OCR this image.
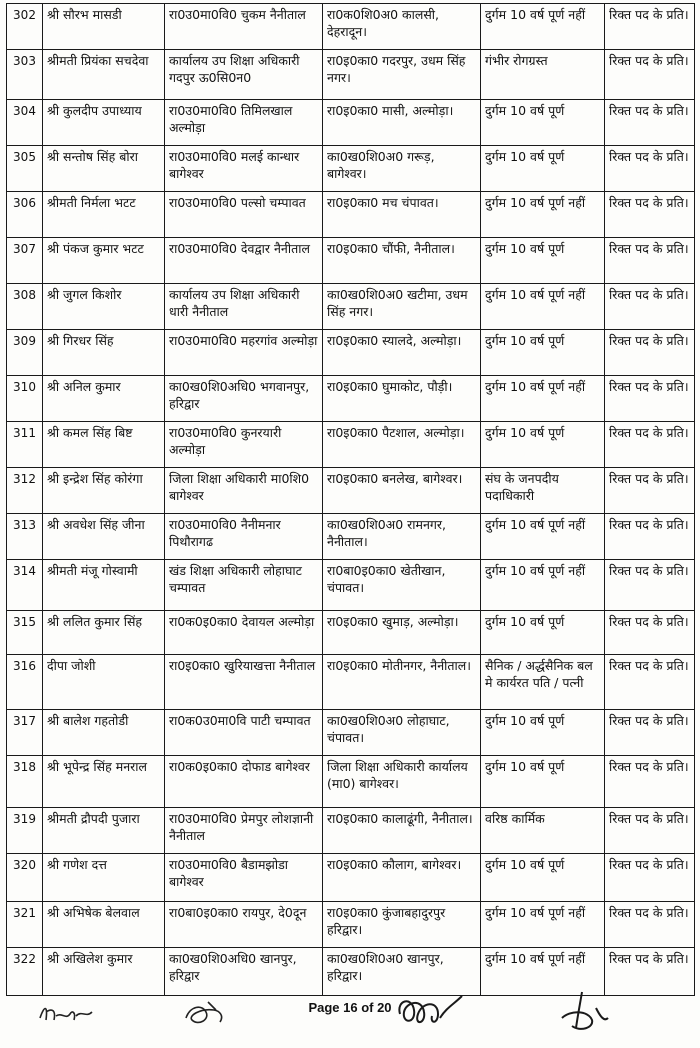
302	श्री सौरभ मासडी	रा0उ0मा0वि0 चुकम नैनीताल	रा0क0शि0अ0 कालसी, देहरादून।	दुर्गम 10 वर्ष पूर्ण नहीं	रिक्त पद के प्रति।
303	श्रीमती प्रियंका सचदेवा	कार्यालय उप शिक्षा अधिकारी गदपुर ऊ0सि0न0	रा0इ0का0 गदरपुर, उधम सिंह नगर।	गंभीर रोगग्रस्त	रिक्त पद के प्रति।
304	श्री कुलदीप उपाध्याय	रा0उ0मा0वि0 तिमिलखाल अल्मोड़ा	रा0इ0का0 मासी, अल्मोड़ा।	दुर्गम 10 वर्ष पूर्ण	रिक्त पद के प्रति।
305	श्री सन्तोष सिंह बोरा	रा0उ0मा0वि0 मलई कान्धार बागेश्वर	का0ख0शि0अ0 गरूड़, बागेश्वर।	दुर्गम 10 वर्ष पूर्ण	रिक्त पद के प्रति।
306	श्रीमती निर्मला भटट	रा0उ0मा0वि0 पल्सो चम्पावत	रा0इ0का0 मच चंपावत।	दुर्गम 10 वर्ष पूर्ण नहीं	रिक्त पद के प्रति।
307	श्री पंकज कुमार भटट	रा0उ0मा0वि0 देवद्वार नैनीताल	रा0इ0का0 चौंफी, नैनीताल।	दुर्गम 10 वर्ष पूर्ण	रिक्त पद के प्रति।
308	श्री जुगल किशोर	कार्यालय उप शिक्षा अधिकारी धारी नैनीताल	का0ख0शि0अ0 खटीमा, उधम सिंह नगर।	दुर्गम 10 वर्ष पूर्ण नहीं	रिक्त पद के प्रति।
309	श्री गिरधर सिंह	रा0उ0मा0वि0 महरगांव अल्मोड़ा	रा0इ0का0 स्यालदे, अल्मोड़ा।	दुर्गम 10 वर्ष पूर्ण	रिक्त पद के प्रति।
310	श्री अनिल कुमार	का0ख0शि0अधि0 भगवानपुर, हरिद्वार	रा0इ0का0 घुमाकोट, पौड़ी।	दुर्गम 10 वर्ष पूर्ण नहीं	रिक्त पद के प्रति।
311	श्री कमल सिंह बिष्ट	रा0उ0मा0वि0 कुनरयारी अल्मोड़ा	रा0इ0का0 पैटशाल, अल्मोड़ा।	दुर्गम 10 वर्ष पूर्ण	रिक्त पद के प्रति।
312	श्री इन्द्रेश सिंह कोरंगा	जिला शिक्षा अधिकारी मा0शि0 बागेश्वर	रा0इ0का0 बनलेख, बागेश्वर।	संघ के जनपदीय पदाधिकारी	रिक्त पद के प्रति।
313	श्री अवधेश सिंह जीना	रा0उ0मा0वि0 नैनीमनार पिथौरागढ	का0ख0शि0अ0 रामनगर, नैनीताल।	दुर्गम 10 वर्ष पूर्ण नहीं	रिक्त पद के प्रति।
314	श्रीमती मंजू गोस्वामी	खंड शिक्षा अधिकारी लोहाघाट चम्पावत	रा0बा0इ0का0 खेतीखान, चंपावत।	दुर्गम 10 वर्ष पूर्ण नहीं	रिक्त पद के प्रति।
315	श्री ललित कुमार सिंह	रा0क0इ0का0 देवायल अल्मोड़ा	रा0इ0का0 खुमाड़, अल्मोड़ा।	दुर्गम 10 वर्ष पूर्ण	रिक्त पद के प्रति।
316	दीपा जोशी	रा0इ0का0 खुरियाखत्ता नैनीताल	रा0इ0का0 मोतीनगर, नैनीताल।	सैनिक / अर्द्धसैनिक बल मे कार्यरत पति / पत्नी	रिक्त पद के प्रति।
317	श्री बालेश गहतोडी	रा0क0उ0मा0वि पाटी चम्पावत	का0ख0शि0अ0 लोहाघाट, चंपावत।	दुर्गम 10 वर्ष पूर्ण	रिक्त पद के प्रति।
318	श्री भूपेन्द्र सिंह मनराल	रा0क0इ0का0 दोफाड बागेश्वर	जिला शिक्षा अधिकारी कार्यालय (मा0) बागेश्वर।	दुर्गम 10 वर्ष पूर्ण	रिक्त पद के प्रति।
319	श्रीमती द्रौपदी पुजारा	रा0उ0मा0वि0 प्रेमपुर लोशज्ञानी नैनीताल	रा0इ0का0 कालाढूंगी, नैनीताल।	वरिष्ठ कार्मिक	रिक्त पद के प्रति।
320	श्री गणेश दत्त	रा0उ0मा0वि0 बैडामझोडा बागेश्वर	रा0इ0का0 कौलाग, बागेश्वर।	दुर्गम 10 वर्ष पूर्ण	रिक्त पद के प्रति।
321	श्री अभिषेक बेलवाल	रा0बा0इ0का0 रायपुर, दे0दून	रा0इ0का0 कुंजाबहादुरपुर हरिद्वार।	दुर्गम 10 वर्ष पूर्ण नहीं	रिक्त पद के प्रति।
322	श्री अखिलेश कुमार	का0ख0शि0अधि0 खानपुर, हरिद्वार	का0ख0शि0अ0 खानपुर, हरिद्वार।	दुर्गम 10 वर्ष पूर्ण नहीं	रिक्त पद के प्रति।
Page 16 of 20
